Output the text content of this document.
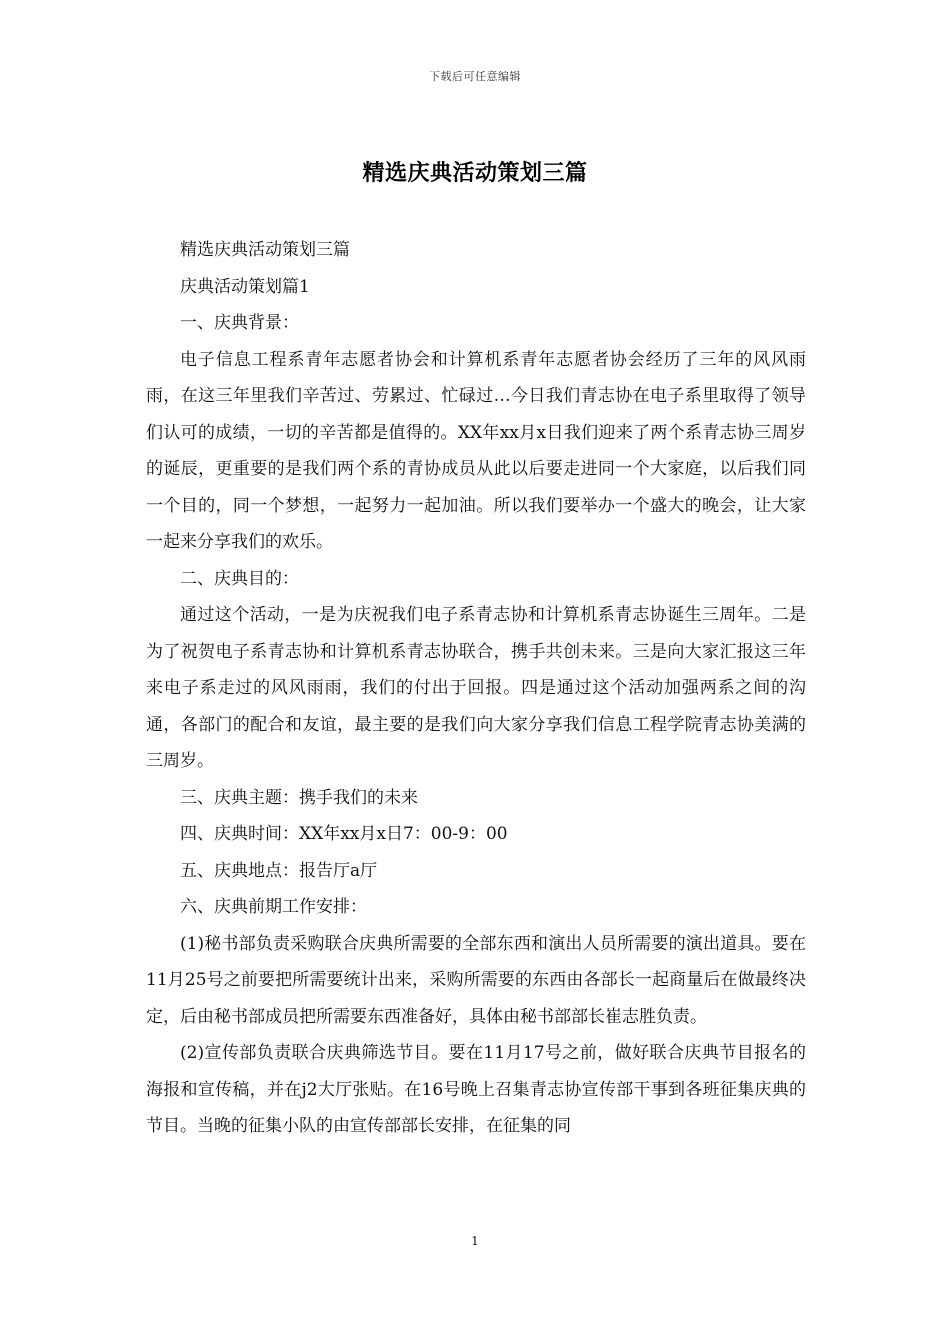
下载后可任意编辑
精选庆典活动策划三篇

精选庆典活动策划三篇

庆典活动策划篇1

一、庆典背景：

电子信息工程系青年志愿者协会和计算机系青年志愿者协会经历了三年的风风雨雨，在这三年里我们辛苦过、劳累过、忙碌过…今日我们青志协在电子系里取得了领导们认可的成绩，一切的辛苦都是值得的。XX年xx月x日我们迎来了两个系青志协三周岁的诞辰，更重要的是我们两个系的青协成员从此以后要走进同一个大家庭，以后我们同一个目的，同一个梦想，一起努力一起加油。所以我们要举办一个盛大的晚会，让大家一起来分享我们的欢乐。

二、庆典目的：

通过这个活动，一是为庆祝我们电子系青志协和计算机系青志协诞生三周年。二是为了祝贺电子系青志协和计算机系青志协联合，携手共创未来。三是向大家汇报这三年来电子系走过的风风雨雨，我们的付出于回报。四是通过这个活动加强两系之间的沟通，各部门的配合和友谊，最主要的是我们向大家分享我们信息工程学院青志协美满的三周岁。

三、庆典主题：携手我们的未来

四、庆典时间：XX年xx月x日7：00-9：00

五、庆典地点：报告厅a厅

六、庆典前期工作安排：

(1)秘书部负责采购联合庆典所需要的全部东西和演出人员所需要的演出道具。要在11月25号之前要把所需要统计出来，采购所需要的东西由各部长一起商量后在做最终决定，后由秘书部成员把所需要东西准备好，具体由秘书部部长崔志胜负责。

(2)宣传部负责联合庆典筛选节目。要在11月17号之前，做好联合庆典节目报名的海报和宣传稿，并在j2大厅张贴。在16号晚上召集青志协宣传部干事到各班征集庆典的节目。当晚的征集小队的由宣传部部长安排，在征集的同

1
